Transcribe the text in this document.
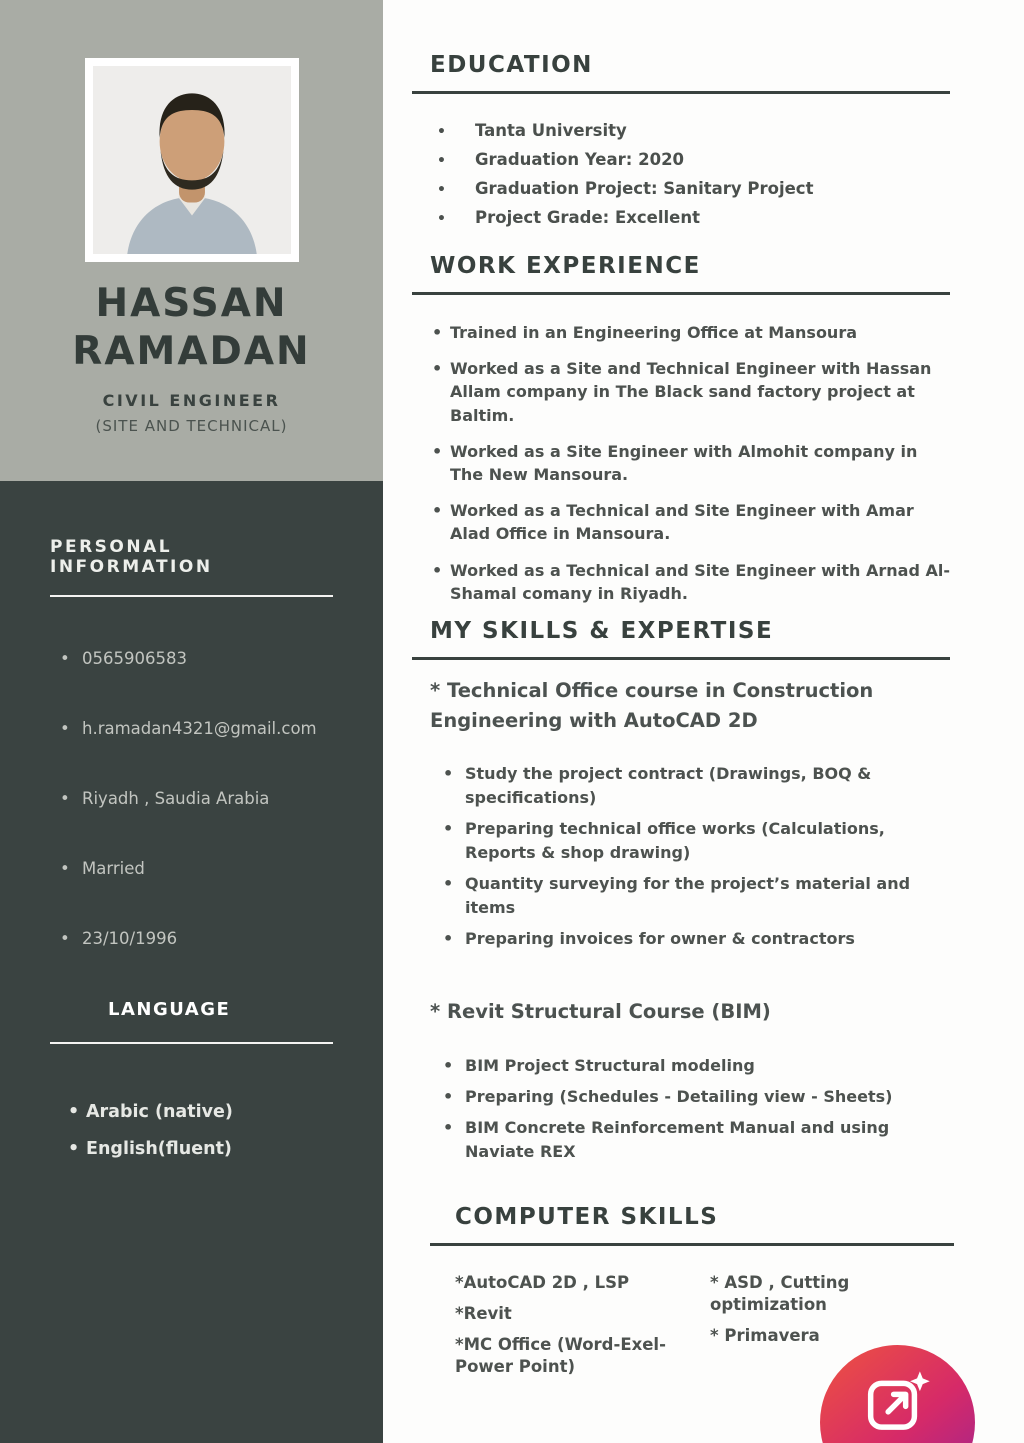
HASSAN
RAMADAN
CIVIL ENGINEER
(SITE AND TECHNICAL)
PERSONAL INFORMATION
• 0565906583
• h.ramadan4321@gmail.com
• Riyadh , Saudia Arabia
• Married
• 23/10/1996
LANGUAGE
• Arabic (native)
• English(fluent)
EDUCATION
• Tanta University
• Graduation Year: 2020
• Graduation Project: Sanitary Project
• Project Grade: Excellent
WORK EXPERIENCE
• Trained in an Engineering Office at Mansoura
• Worked as a Site and Technical Engineer with Hassan Allam company in The Black sand factory project at Baltim.
• Worked as a Site Engineer with Almohit company in The New Mansoura.
• Worked as a Technical and Site Engineer with Amar Alad Office in Mansoura.
• Worked as a Technical and Site Engineer with Arnad Al-Shamal comany in Riyadh.
MY SKILLS & EXPERTISE
* Technical Office course in Construction Engineering with AutoCAD 2D
• Study the project contract (Drawings, BOQ & specifications)
• Preparing technical office works (Calculations, Reports & shop drawing)
• Quantity surveying for the project’s material and items
• Preparing invoices for owner & contractors
* Revit Structural Course (BIM)
• BIM Project Structural modeling
• Preparing (Schedules - Detailing view - Sheets)
• BIM Concrete Reinforcement Manual and using Naviate REX
COMPUTER SKILLS
*AutoCAD 2D , LSP
*Revit
*MC Office (Word-Exel-Power Point)
* ASD , Cutting optimization
* Primavera
